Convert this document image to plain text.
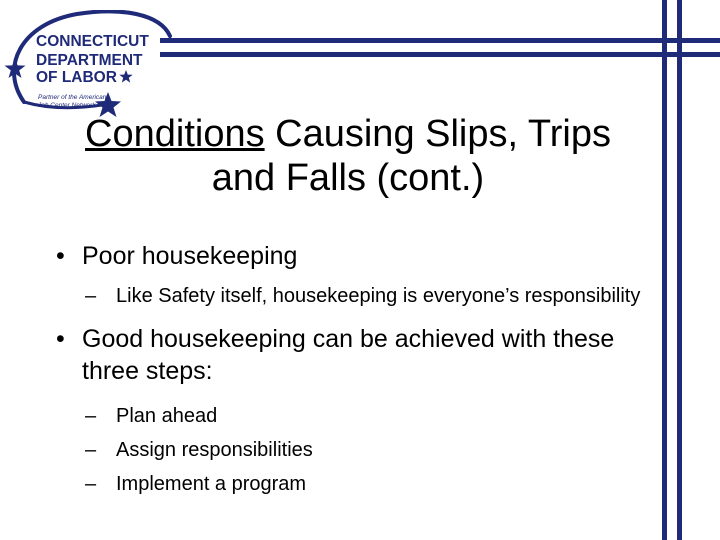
CONNECTICUT
DEPARTMENT
OF LABOR
Partner of the American
Job Center Network
Conditions Causing Slips, Trips
and Falls (cont.)
• Poor housekeeping
– Like Safety itself, housekeeping is everyone’s responsibility
• Good housekeeping can be achieved with these three steps:
– Plan ahead
– Assign responsibilities
– Implement a program
